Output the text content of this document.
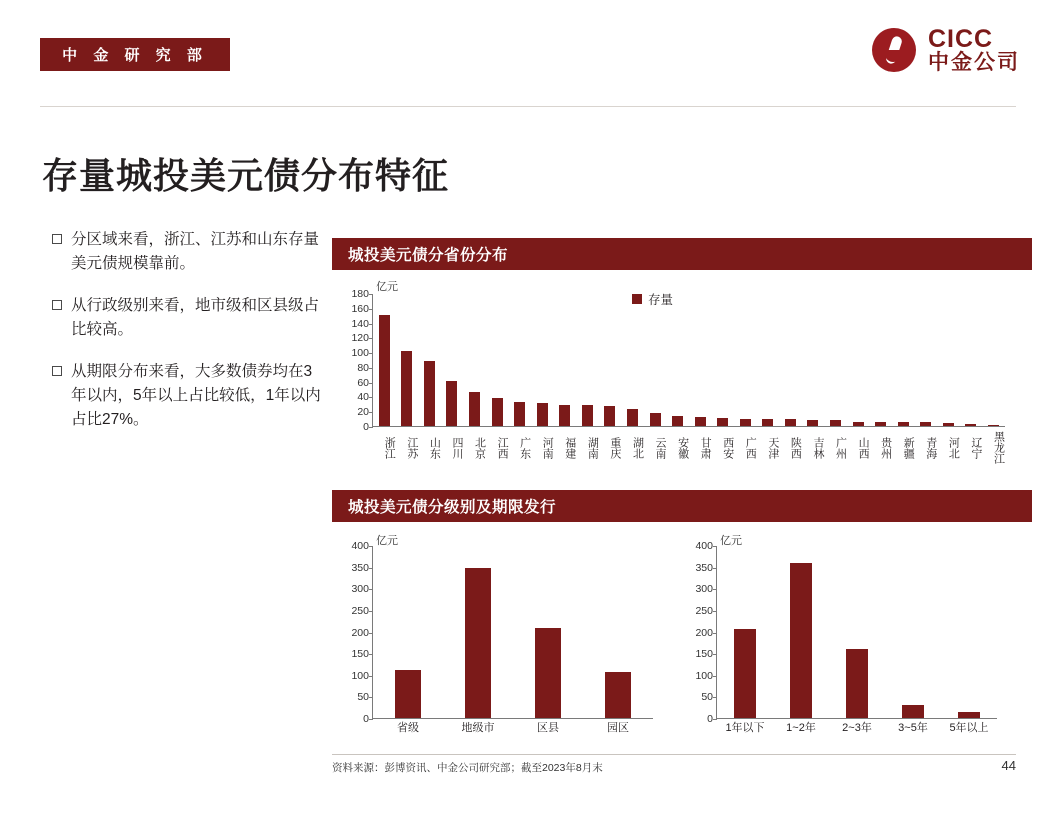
中 金 研 究 部
CICC
中金公司
存量城投美元债分布特征
分区域来看，浙江、江苏和山东存量美元债规模靠前。
从行政级别来看，地市级和区县级占比较高。
从期限分布来看，大多数债券均在3年以内，5年以上占比较低，1年以内占比27%。
城投美元债分省份分布
亿元
存量
0
20
40
60
80
100
120
140
160
180
浙江 江苏 山东 四川 北京 江西 广东 河南 福建 湖南 重庆 湖北 云南 安徽 甘肃 西安 广西 天津 陕西 吉林 广州 山西 贵州 新疆 青海 河北 辽宁 黑龙江
城投美元债分级别及期限发行
亿元
0
50
100
150
200
250
300
350
400
省级	地级市	区县	园区
亿元
0
50
100
150
200
250
300
350
400
1年以下	1~2年	2~3年	3~5年	5年以上
资料来源：彭博资讯、中金公司研究部；截至2023年8月末	44
